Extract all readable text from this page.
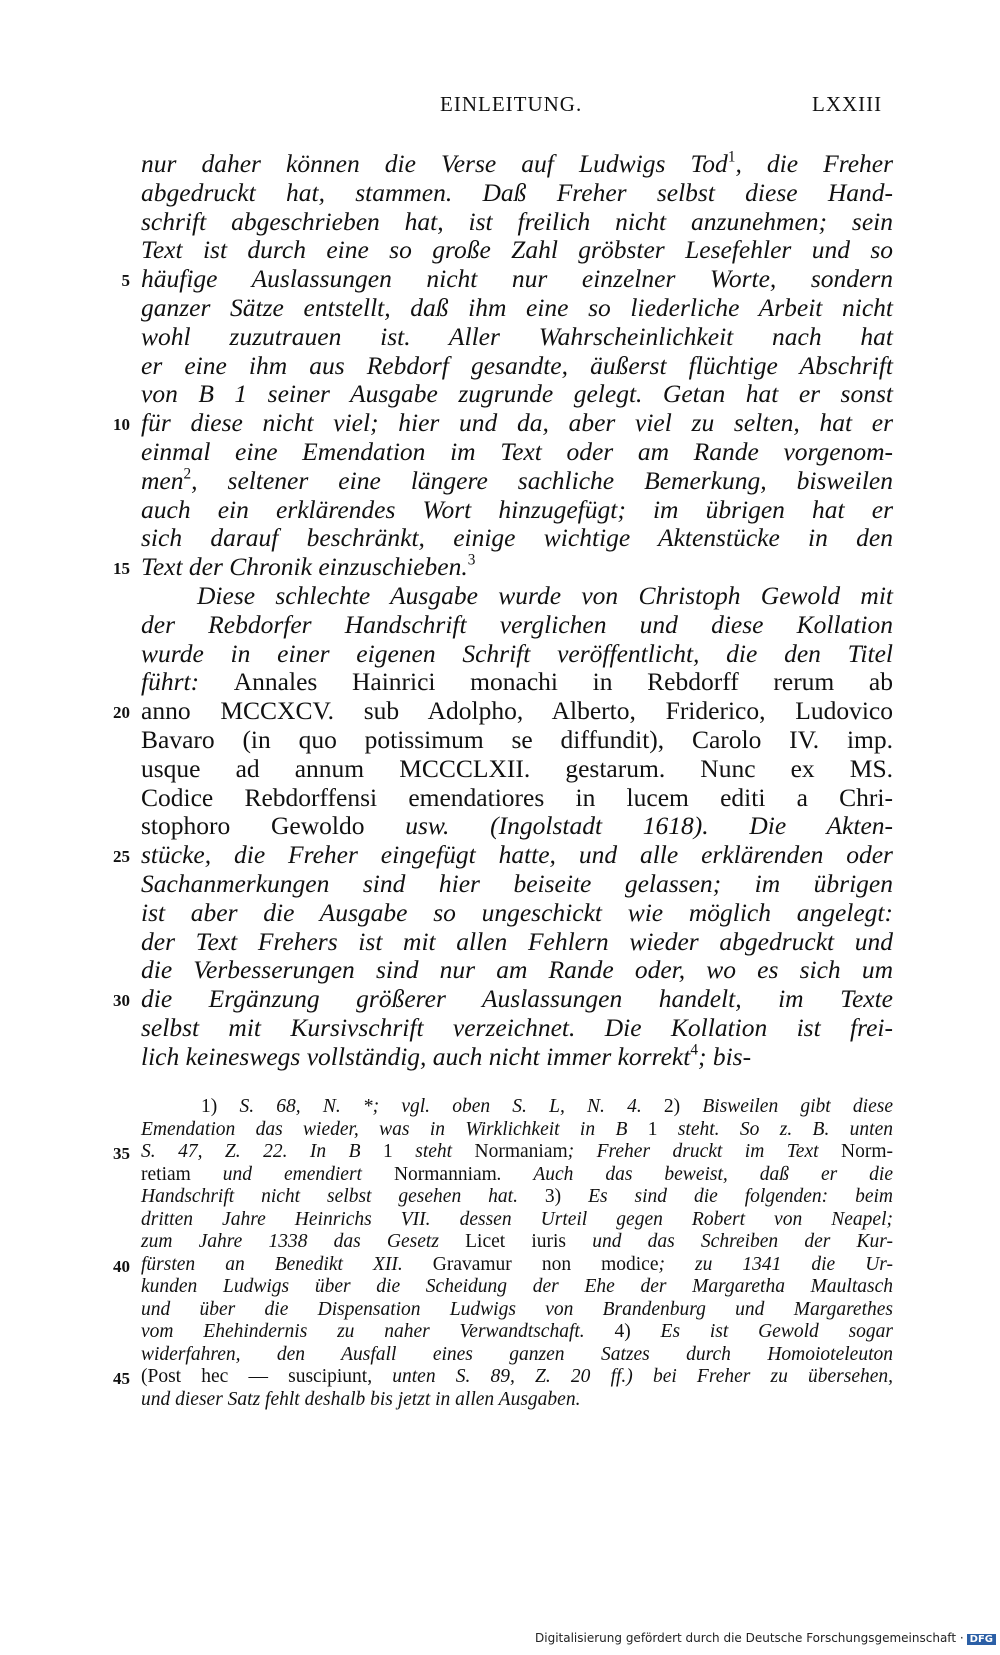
EINLEITUNG.	LXXIII
5
10
15
20
25
30
35
40
45
nur daher können die Verse auf Ludwigs Tod$^1$, die Freher
abgedruckt hat, stammen. Daß Freher selbst diese Hand-
schrift abgeschrieben hat, ist freilich nicht anzunehmen; sein
Text ist durch eine so große Zahl gröbster Lesefehler und so
häufige Auslassungen nicht nur einzelner Worte, sondern
ganzer Sätze entstellt, daß ihm eine so liederliche Arbeit nicht
wohl zuzutrauen ist. Aller Wahrscheinlichkeit nach hat
er eine ihm aus Rebdorf gesandte, äußerst flüchtige Abschrift
von B 1 seiner Ausgabe zugrunde gelegt. Getan hat er sonst
für diese nicht viel; hier und da, aber viel zu selten, hat er
einmal eine Emendation im Text oder am Rande vorgenom-
men$^2$, seltener eine längere sachliche Bemerkung, bisweilen
auch ein erklärendes Wort hinzugefügt; im übrigen hat er
sich darauf beschränkt, einige wichtige Aktenstücke in den
Text der Chronik einzuschieben.$^3$
Diese schlechte Ausgabe wurde von Christoph Gewold mit
der Rebdorfer Handschrift verglichen und diese Kollation
wurde in einer eigenen Schrift veröffentlicht, die den Titel
führt: Annales Hainrici monachi in Rebdorff rerum ab
anno MCCXCV. sub Adolpho, Alberto, Friderico, Ludovico
Bavaro (in quo potissimum se diffundit), Carolo IV. imp.
usque ad annum MCCCLXII. gestarum. Nunc ex MS.
Codice Rebdorffensi emendatiores in lucem editi a Chri-
stophoro Gewoldo usw. (Ingolstadt 1618). Die Akten-
stücke, die Freher eingefügt hatte, und alle erklärenden oder
Sachanmerkungen sind hier beiseite gelassen; im übrigen
ist aber die Ausgabe so ungeschickt wie möglich angelegt:
der Text Frehers ist mit allen Fehlern wieder abgedruckt und
die Verbesserungen sind nur am Rande oder, wo es sich um
die Ergänzung größerer Auslassungen handelt, im Texte
selbst mit Kursivschrift verzeichnet. Die Kollation ist frei-
lich keineswegs vollständig, auch nicht immer korrekt$^4$; bis-
1) S. 68, N. *; vgl. oben S. L, N. 4. 2) Bisweilen gibt diese
Emendation das wieder, was in Wirklichkeit in B 1 steht. So z. B. unten
S. 47, Z. 22. In B 1 steht Normaniam; Freher druckt im Text Norm-
retiam und emendiert Normanniam. Auch das beweist, daß er die
Handschrift nicht selbst gesehen hat. 3) Es sind die folgenden: beim
dritten Jahre Heinrichs VII. dessen Urteil gegen Robert von Neapel;
zum Jahre 1338 das Gesetz Licet iuris und das Schreiben der Kur-
fürsten an Benedikt XII. Gravamur non modice; zu 1341 die Ur-
kunden Ludwigs über die Scheidung der Ehe der Margaretha Maultasch
und über die Dispensation Ludwigs von Brandenburg und Margarethes
vom Ehehindernis zu naher Verwandtschaft. 4) Es ist Gewold sogar
widerfahren, den Ausfall eines ganzen Satzes durch Homoioteleuton
(Post hec — suscipiunt, unten S. 89, Z. 20 ff.) bei Freher zu übersehen,
und dieser Satz fehlt deshalb bis jetzt in allen Ausgaben.
Digitalisierung gefördert durch die Deutsche Forschungsgemeinschaft · DFG
